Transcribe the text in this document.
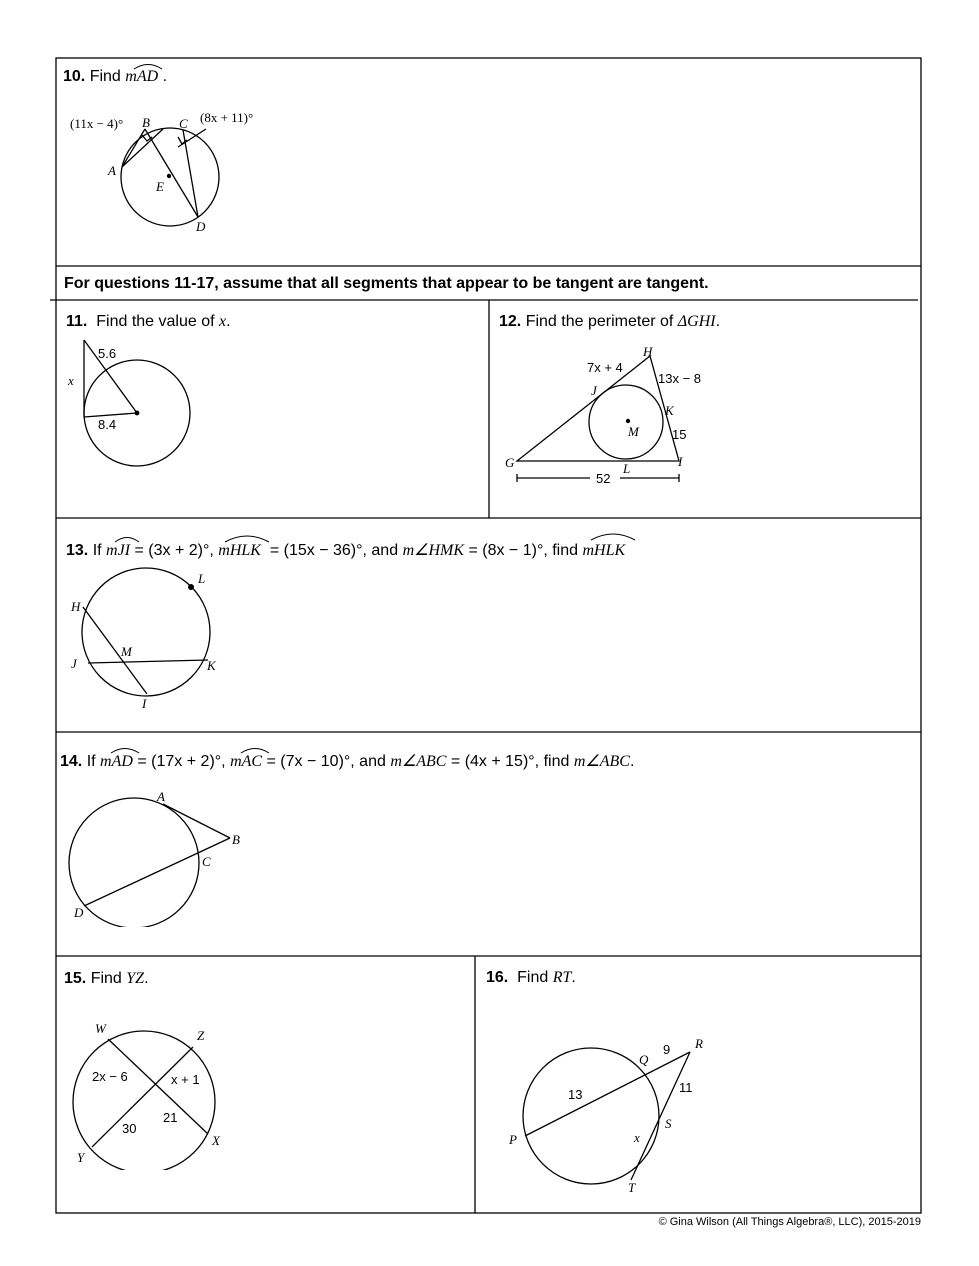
10. Find mAD .
A
B C
D
E
(11x − 4)°	(8x + 11)°
For questions 11-17, assume that all segments that appear to be tangent are tangent.
11. Find the value of x.
5.6
x
8.4
12. Find the perimeter of ΔGHI.
G
H
I
J
K
L
M
7x + 4
13x − 8
15
52
13. If mJI = (3x + 2)°, mHLK = (15x − 36)°, and m∠HMK = (8x − 1)°, find mHLK
H
L
J
M
K
I
14. If mAD = (17x + 2)°, mAC = (7x − 10)°, and m∠ABC = (4x + 15)°, find m∠ABC.
A
B
C
D
15. Find YZ.
W	Z
Y
X
2x − 6	x + 1
30
21
16. Find RT.
P
Q
R
S
T
13
9
11
x
© Gina Wilson (All Things Algebra®, LLC), 2015-2019
